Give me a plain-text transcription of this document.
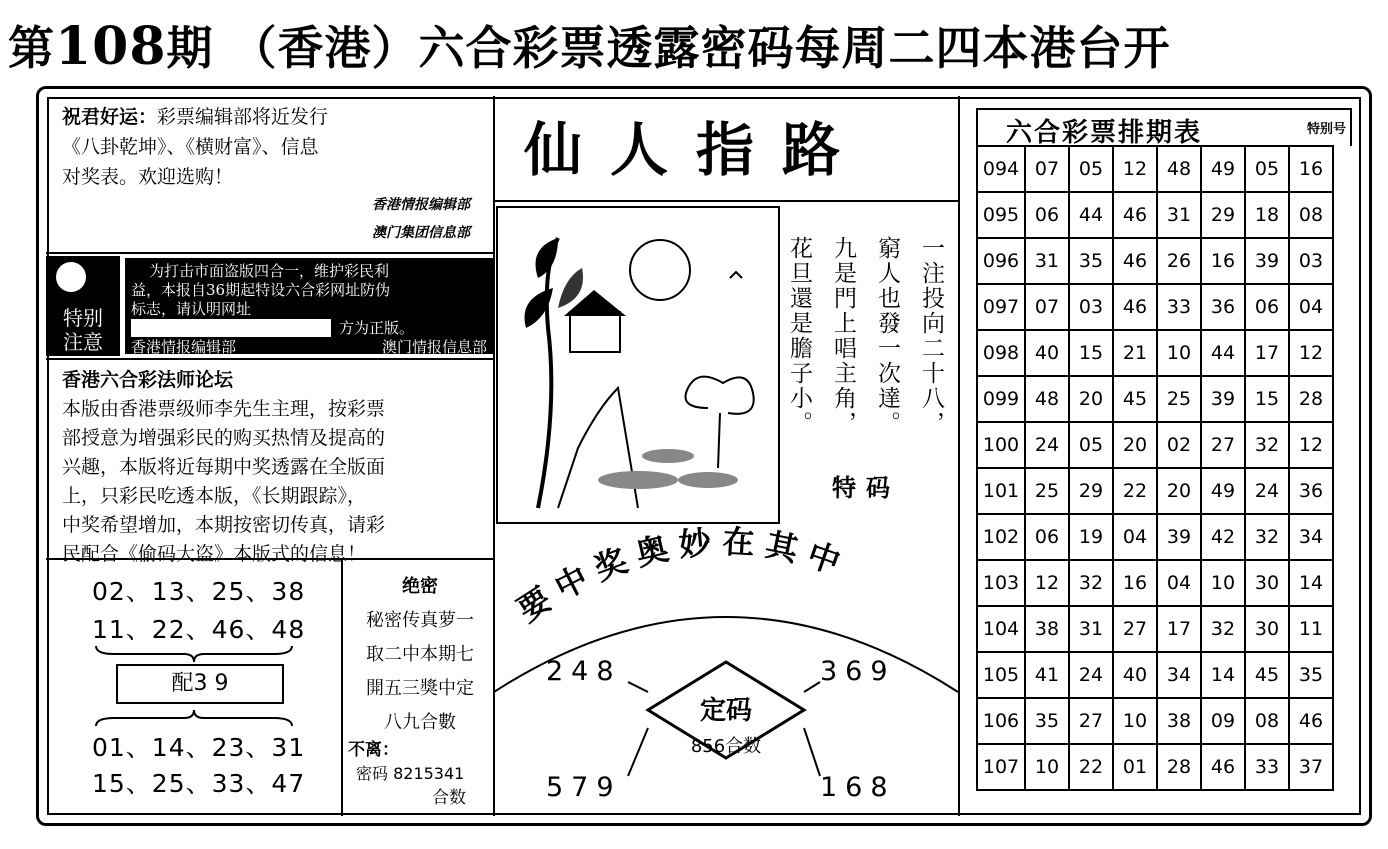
第108期 （香港）六合彩票透露密码每周二四本港台开
祝君好运：彩票编辑部将近发行
《八卦乾坤》、《横财富》、信息
对奖表。欢迎选购！
香港情报编辑部
澳门集团信息部
特别
注意
为打击市面盗版四合一，维护彩民利
益，本报自36期起特设六合彩网址防伪
标志，请认明网址
方为正版。
香港情报编辑部	澳门情报信息部
香港六合彩法师论坛
本版由香港票级师李先生主理，按彩票
部授意为增强彩民的购买热情及提高的
兴趣，本版将近每期中奖透露在全版面
上，只彩民吃透本版，《长期跟踪》，
中奖希望增加，本期按密切传真，请彩
民配合《偷码大盗》本版式的信息！
02、13、25、38
11、22、46、48
配3 9
01、14、23、31
15、25、33、47
绝密
秘密传真萝一
取二中本期七
開五三獎中定
八九合數
不离：
密码 8215341
合数
仙人指路
一注投向二十八，
窮人也發一次達。
九是門上唱主角，
花旦還是膽子小。
特码
要中奖奥妙在其中
248	369
579	168
定码
856合数
六合彩票排期表	特别号
094	07	05	12	48	49	05	16
095	06	44	46	31	29	18	08
096	31	35	46	26	16	39	03
097	07	03	46	33	36	06	04
098	40	15	21	10	44	17	12
099	48	20	45	25	39	15	28
100	24	05	20	02	27	32	12
101	25	29	22	20	49	24	36
102	06	19	04	39	42	32	34
103	12	32	16	04	10	30	14
104	38	31	27	17	32	30	11
105	41	24	40	34	14	45	35
106	35	27	10	38	09	08	46
107	10	22	01	28	46	33	37
